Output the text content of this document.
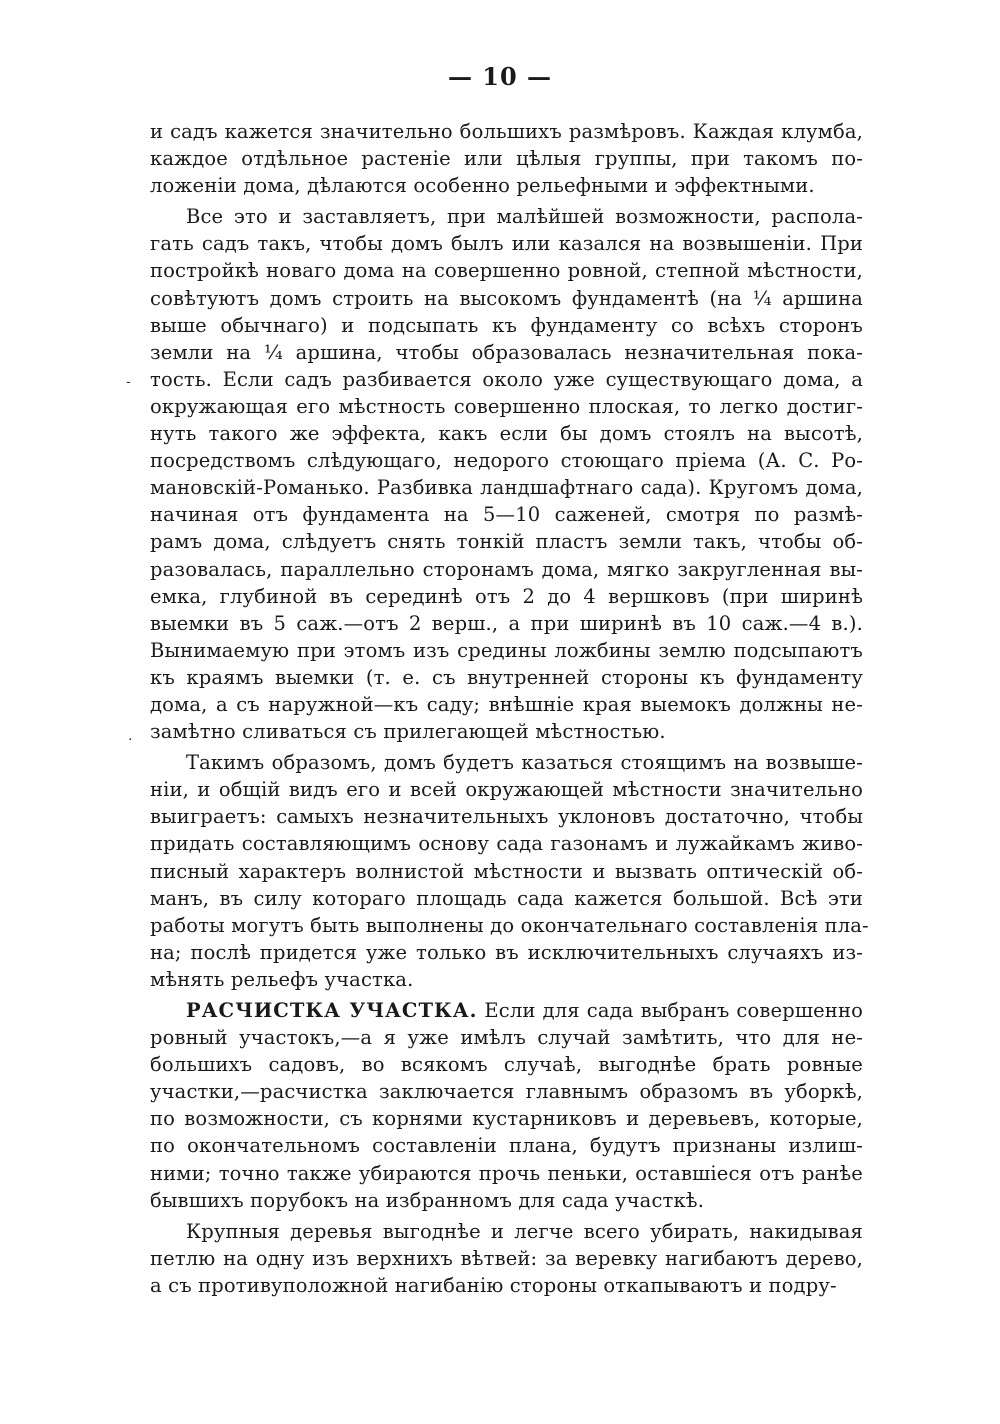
— 10 —
-
.
и садъ кажется значительно большихъ размѣровъ. Каждая клумба,
каждое отдѣльное растенiе или цѣлыя группы, при такомъ по-
ложенiи дома, дѣлаются особенно рельефными и эффектными.
Все это и заставляетъ, при малѣйшей возможности, распола-
гать садъ такъ, чтобы домъ былъ или казался на возвышенiи. При
постройкѣ новаго дома на совершенно ровной, степной мѣстности,
совѣтуютъ домъ строить на высокомъ фундаментѣ (на ¼ аршина
выше обычнаго) и подсыпать къ фундаменту со всѣхъ сторонъ
земли на ¼ аршина, чтобы образовалась незначительная пока-
тость. Если садъ разбивается около уже существующаго дома, а
окружающая его мѣстность совершенно плоская, то легко достиг-
нуть такого же эффекта, какъ если бы домъ стоялъ на высотѣ,
посредствомъ слѣдующаго, недорого стоющаго прiема (А. С. Ро-
мановскiй-Романько. Разбивка ландшафтнаго сада). Кругомъ дома,
начиная отъ фундамента на 5—10 саженей, смотря по размѣ-
рамъ дома, слѣдуетъ снять тонкiй пластъ земли такъ, чтобы об-
разовалась, параллельно сторонамъ дома, мягко закругленная вы-
емка, глубиной въ серединѣ отъ 2 до 4 вершковъ (при ширинѣ
выемки въ 5 саж.—отъ 2 верш., а при ширинѣ въ 10 саж.—4 в.).
Вынимаемую при этомъ изъ средины ложбины землю подсыпаютъ
къ краямъ выемки (т. е. съ внутренней стороны къ фундаменту
дома, а съ наружной—къ саду; внѣшнiе края выемокъ должны не-
замѣтно сливаться съ прилегающей мѣстностью.
Такимъ образомъ, домъ будетъ казаться стоящимъ на возвыше-
нiи, и общiй видъ его и всей окружающей мѣстности значительно
выиграетъ: самыхъ незначительныхъ уклоновъ достаточно, чтобы
придать составляющимъ основу сада газонамъ и лужайкамъ живо-
писный характеръ волнистой мѣстности и вызвать оптическiй об-
манъ, въ силу котораго площадь сада кажется большой. Всѣ эти
работы могутъ быть выполнены до окончательнаго составленiя пла-
на; послѣ придется уже только въ исключительныхъ случаяхъ из-
мѣнять рельефъ участка.
РАСЧИСТКА УЧАСТКА. Если для сада выбранъ совершенно
ровный участокъ,—а я уже имѣлъ случай замѣтить, что для не-
большихъ садовъ, во всякомъ случаѣ, выгоднѣе брать ровные
участки,—расчистка заключается главнымъ образомъ въ уборкѣ,
по возможности, съ корнями кустарниковъ и деревьевъ, которые,
по окончательномъ составленiи плана, будутъ признаны излиш-
ними; точно также убираются прочь пеньки, оставшiеся отъ ранѣе
бывшихъ порубокъ на избранномъ для сада участкѣ.
Крупныя деревья выгоднѣе и легче всего убирать, накидывая
петлю на одну изъ верхнихъ вѣтвей: за веревку нагибаютъ дерево,
а съ противуположной нагибанiю стороны откапываютъ и подру-
